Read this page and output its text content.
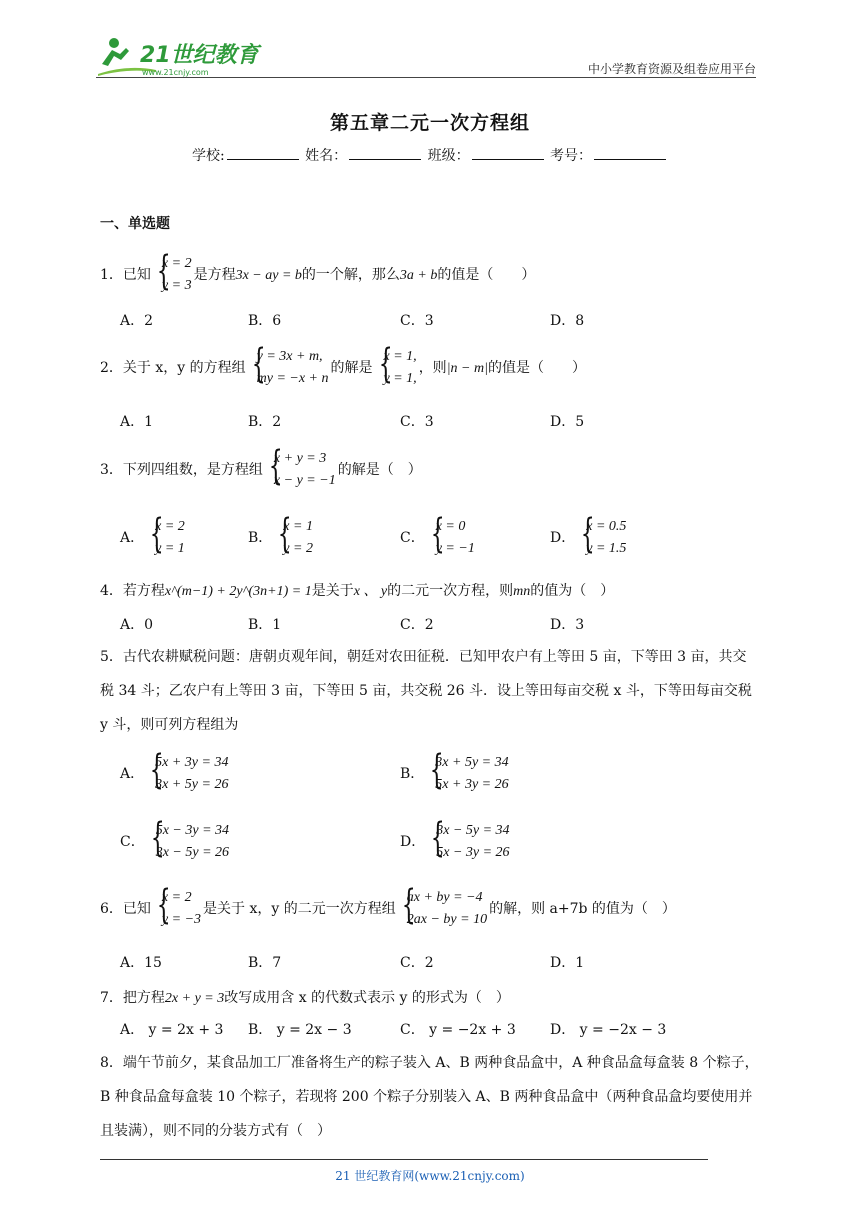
21世纪教育
www.21cnjy.com	中小学教育资源及组卷应用平台
第五章二元一次方程组
学校:	姓名：	班级：	考号：
一、单选题
1．已知
{ x = 2
y = 3
是方程3x − ay = b的一个解，那么3a + b的值是（　　）
A．2	B．6	C．3	D．8
2．关于 x，y 的方程组
{ y = 3x + m,
my = −x + n
的解是
{ x = 1,
y = 1,
，则|n − m|的值是（　　）
A．1	B．2	C．3	D．5
3．下列四组数，是方程组
{ x + y = 3
x − y = −1
的解是（　）
A．
{ x = 2
y = 1
B．
{ x = 1
y = 2
C．
{ x = 0
y = −1
D．
{ x = 0.5
y = 1.5
4．若方程x^(m−1) + 2y^(3n+1) = 1是关于x 、 y的二元一次方程，则mn的值为（　）
A．0	B．1	C．2	D．3
5．古代农耕赋税问题：唐朝贞观年间，朝廷对农田征税．已知甲农户有上等田 5 亩，下等田 3 亩，共交税 34 斗；乙农户有上等田 3 亩，下等田 5 亩，共交税 26 斗．设上等田每亩交税 x 斗，下等田每亩交税 y 斗，则可列方程组为
A．
{ 5x + 3y = 34
3x + 5y = 26
B．
{ 3x + 5y = 34
5x + 3y = 26
C．
{ 5x − 3y = 34
3x − 5y = 26
D．
{ 3x − 5y = 34
5x − 3y = 26
6．已知
{ x = 2
y = −3
是关于 x，y 的二元一次方程组
{ ax + by = −4
2ax − by = 10
的解，则 a+7b 的值为（　）
A．15	B．7	C．2	D．1
7．把方程2x + y = 3改写成用含 x 的代数式表示 y 的形式为（　）
A． y = 2x + 3 B． y = 2x − 3	C． y = −2x + 3 D． y = −2x − 3
8．端午节前夕，某食品加工厂准备将生产的粽子装入 A、B 两种食品盒中，A 种食品盒每盒装 8 个粽子，B 种食品盒每盒装 10 个粽子，若现将 200 个粽子分别装入 A、B 两种食品盒中（两种食品盒均要使用并且装满），则不同的分装方式有（　）
21 世纪教育网(www.21cnjy.com)
